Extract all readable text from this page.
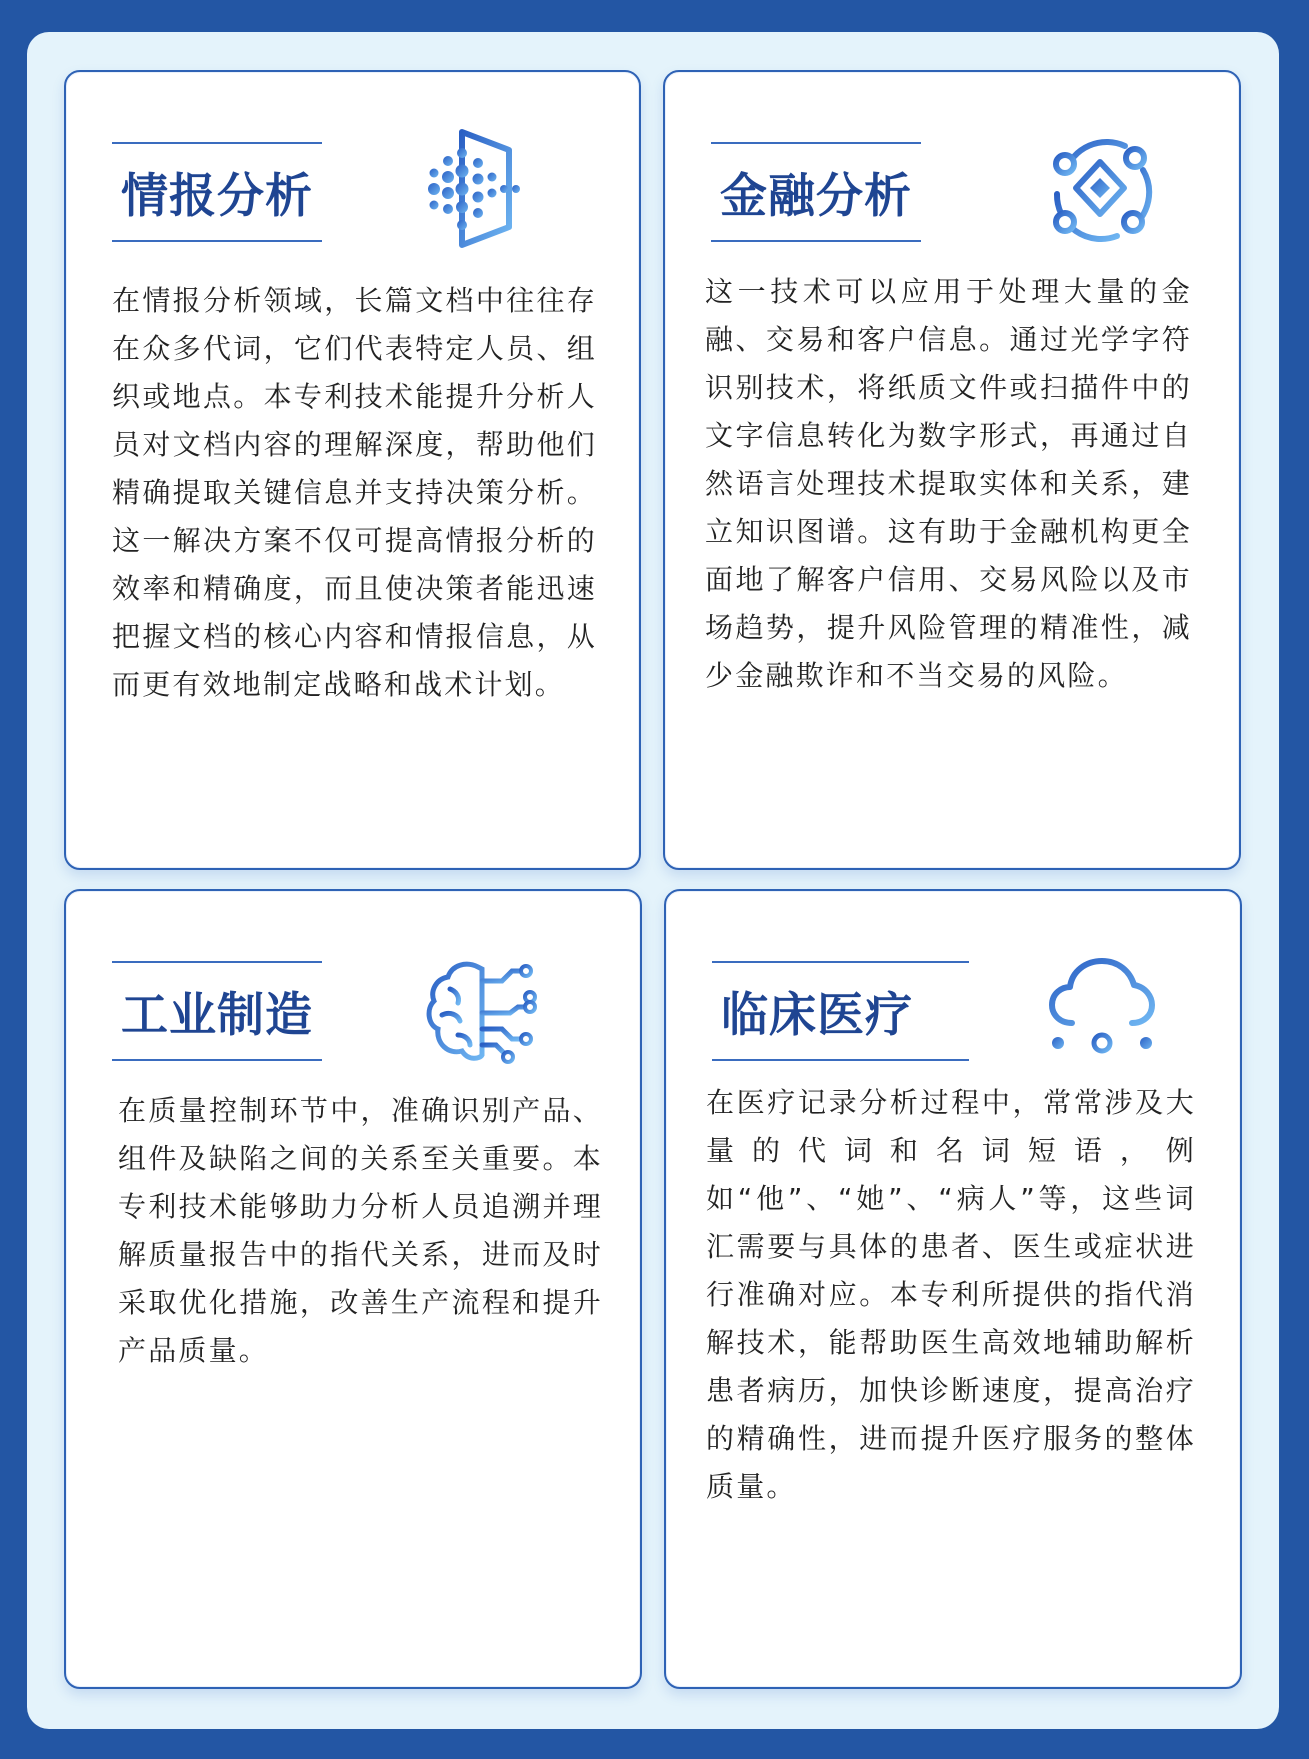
情报分析

在情报分析领域，长篇文档中往往存在众多代词，它们代表特定人员、组织或地点。本专利技术能提升分析人员对文档内容的理解深度，帮助他们精确提取关键信息并支持决策分析。这一解决方案不仅可提高情报分析的效率和精确度，而且使决策者能迅速把握文档的核心内容和情报信息，从而更有效地制定战略和战术计划。

金融分析

这一技术可以应用于处理大量的金融、交易和客户信息。通过光学字符识别技术，将纸质文件或扫描件中的文字信息转化为数字形式，再通过自然语言处理技术提取实体和关系，建立知识图谱。这有助于金融机构更全面地了解客户信用、交易风险以及市场趋势，提升风险管理的精准性，减少金融欺诈和不当交易的风险。

工业制造

在质量控制环节中，准确识别产品、组件及缺陷之间的关系至关重要。本专利技术能够助力分析人员追溯并理解质量报告中的指代关系，进而及时采取优化措施，改善生产流程和提升产品质量。

临床医疗

在医疗记录分析过程中，常常涉及大量的代词和名词短语，例如“他”、“她”、“病人”等，这些词汇需要与具体的患者、医生或症状进行准确对应。本专利所提供的指代消解技术，能帮助医生高效地辅助解析患者病历，加快诊断速度，提高治疗的精确性，进而提升医疗服务的整体质量。
